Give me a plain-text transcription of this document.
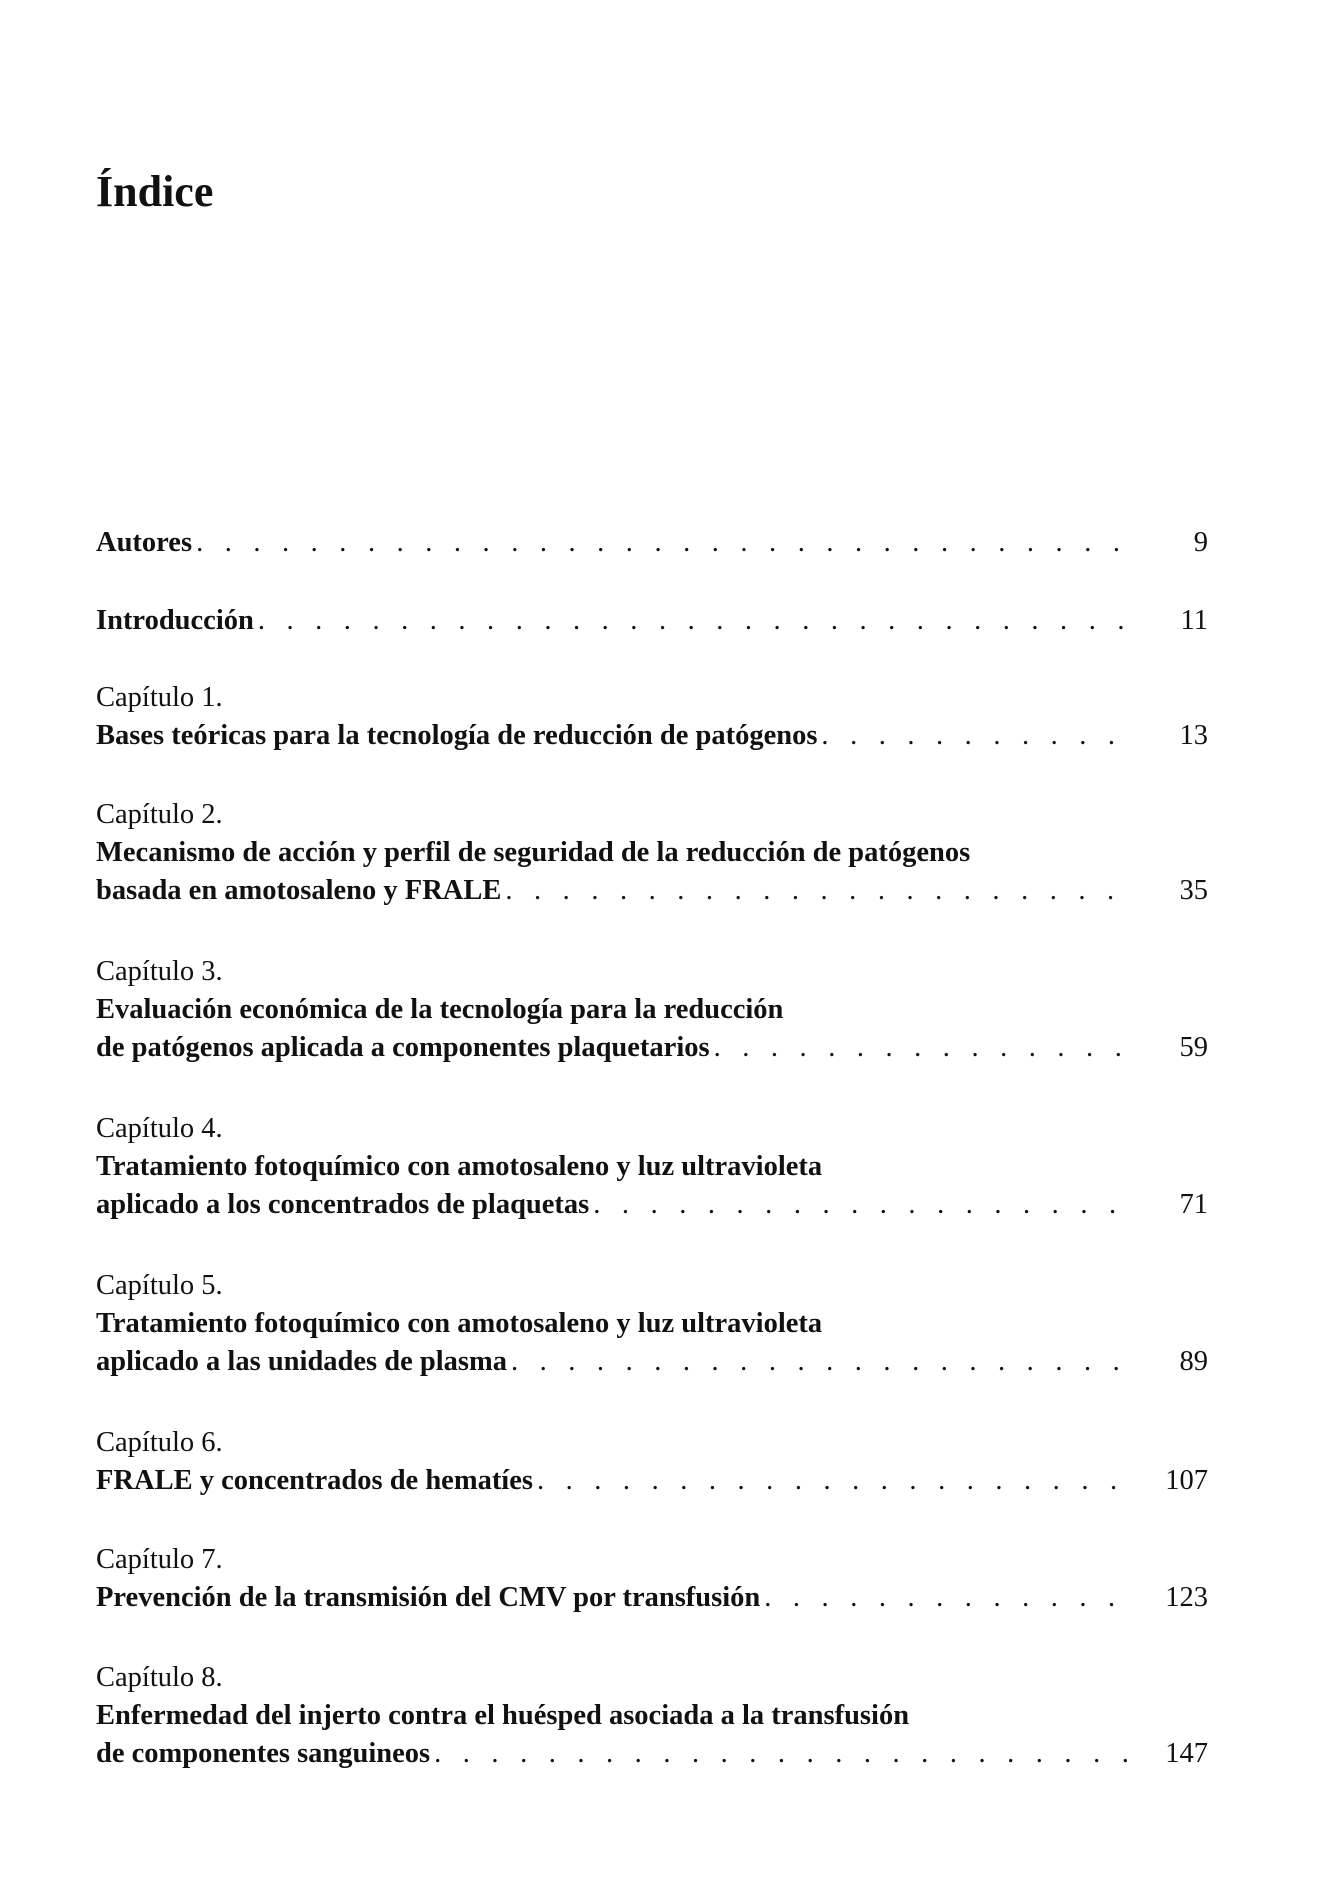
Índice
Autores . . .	9
Introducción . . .	11
Capítulo 1.
Bases teóricas para la tecnología de reducción de patógenos . . .	13
Capítulo 2.
Mecanismo de acción y perfil de seguridad de la reducción de patógenos
basada en amotosaleno y FRALE . . .	35
Capítulo 3.
Evaluación económica de la tecnología para la reducción
de patógenos aplicada a componentes plaquetarios . . .	59
Capítulo 4.
Tratamiento fotoquímico con amotosaleno y luz ultravioleta
aplicado a los concentrados de plaquetas . . .	71
Capítulo 5.
Tratamiento fotoquímico con amotosaleno y luz ultravioleta
aplicado a las unidades de plasma . . .	89
Capítulo 6.
FRALE y concentrados de hematíes . . .	107
Capítulo 7.
Prevención de la transmisión del CMV por transfusión . . .	123
Capítulo 8.
Enfermedad del injerto contra el huésped asociada a la transfusión
de componentes sanguineos . . .	147
